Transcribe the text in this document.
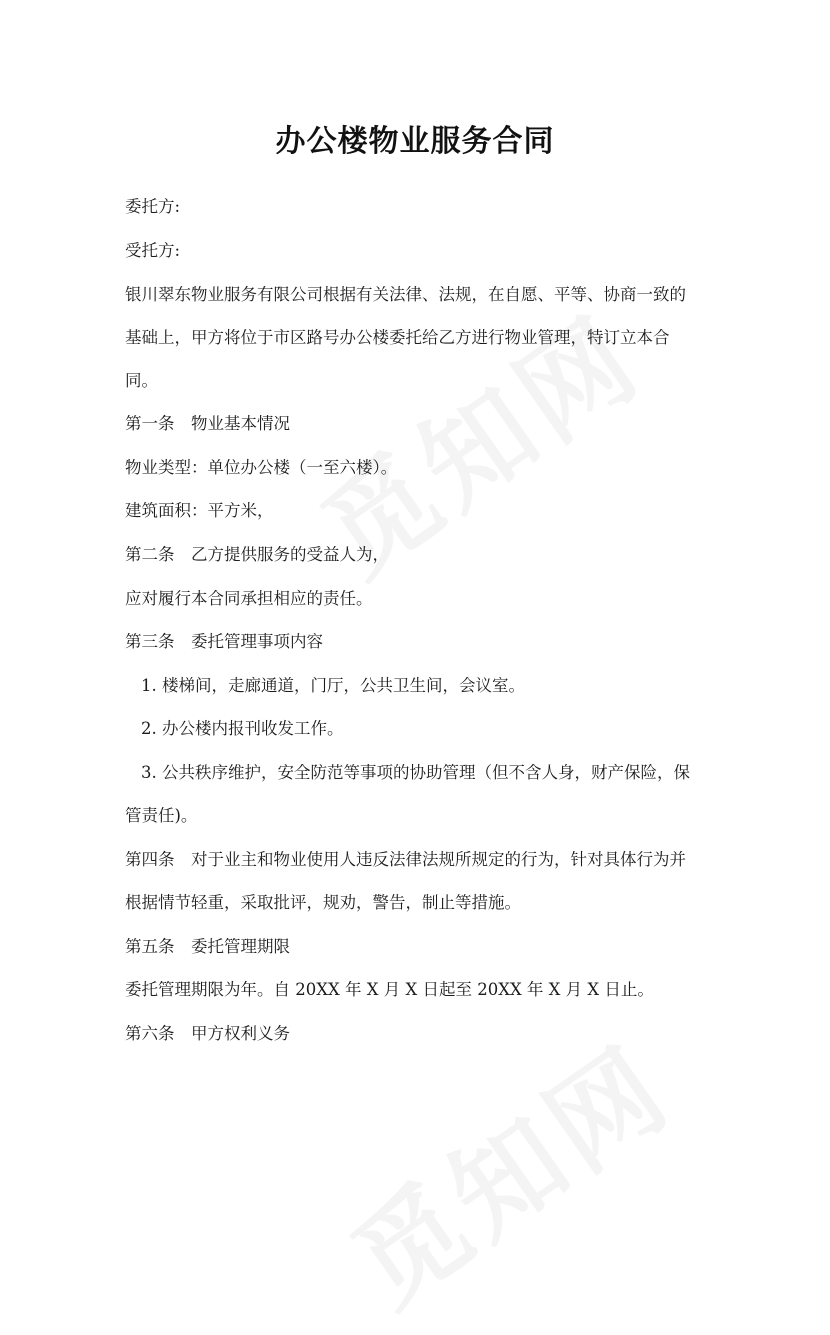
办公楼物业服务合同
委托方:
受托方:
银川翠东物业服务有限公司根据有关法律、法规，在自愿、平等、协商一致的
基础上，甲方将位于市区路号办公楼委托给乙方进行物业管理，特订立本合
同。
第一条　物业基本情况
物业类型：单位办公楼（一至六楼）。
建筑面积：平方米，
第二条　乙方提供服务的受益人为，
应对履行本合同承担相应的责任。
第三条　委托管理事项内容
1. 楼梯间，走廊通道，门厅，公共卫生间，会议室。
2. 办公楼内报刊收发工作。
3. 公共秩序维护，安全防范等事项的协助管理（但不含人身，财产保险，保
管责任)。
第四条　对于业主和物业使用人违反法律法规所规定的行为，针对具体行为并
根据情节轻重，采取批评，规劝，警告，制止等措施。
第五条　委托管理期限
委托管理期限为年。自 20XX 年 X 月 X 日起至 20XX 年 X 月 X 日止。
第六条　甲方权利义务
